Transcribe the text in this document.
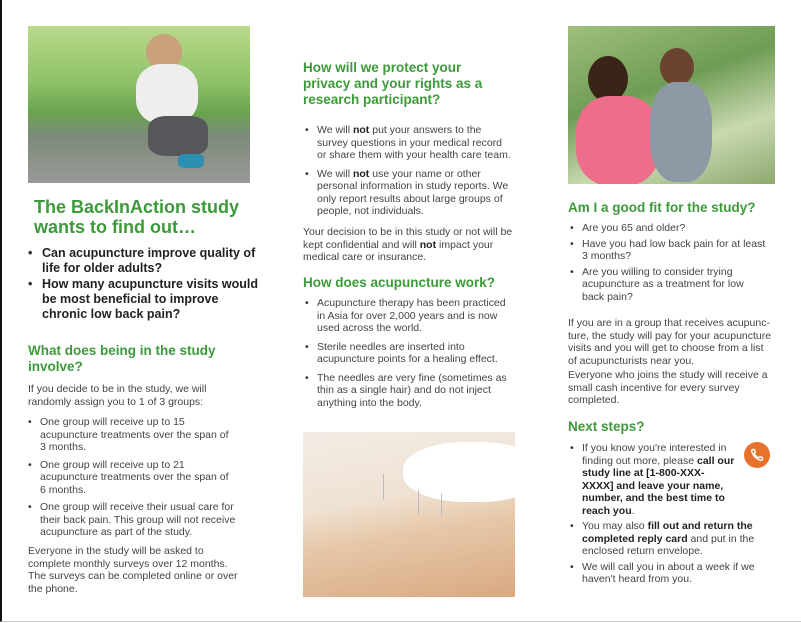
The BackInAction study wants to find out…
• Can acupuncture improve quality of life for older adults?
• How many acupuncture visits would be most beneficial to improve chronic low back pain?
What does being in the study involve?

If you decide to be in the study, we will randomly assign you to 1 of 3 groups:

• One group will receive up to 15 acupuncture treatments over the span of 3 months.
• One group will receive up to 21 acupuncture treatments over the span of 6 months.
• One group will receive their usual care for their back pain. This group will not receive acupuncture as part of the study.

Everyone in the study will be asked to complete monthly surveys over 12 months. The surveys can be completed online or over the phone.

How will we protect your privacy and your rights as a research participant?
• We will not put your answers to the survey questions in your medical record or share them with your health care team.
• We will not use your name or other personal information in study reports. We only report results about large groups of people, not individuals.

Your decision to be in this study or not will be kept confidential and will not impact your medical care or insurance.

How does acupuncture work?
• Acupuncture therapy has been practiced in Asia for over 2,000 years and is now used across the world.
• Sterile needles are inserted into acupuncture points for a healing effect.
• The needles are very fine (sometimes as thin as a single hair) and do not inject anything into the body.
Am I a good fit for the study?
• Are you 65 and older?
• Have you had low back pain for at least 3 months?
• Are you willing to consider trying acupuncture as a treatment for low back pain?

If you are in a group that receives acupunc-ture, the study will pay for your acupuncture visits and you will get to choose from a list of acupuncturists near you.

Everyone who joins the study will receive a small cash incentive for every survey completed.

Next steps?
• If you know you're interested in finding out more, please call our study line at [1-800-XXX-XXXX] and leave your name, number, and the best time to reach you.
• You may also fill out and return the completed reply card and put in the enclosed return envelope.
• We will call you in about a week if we haven't heard from you.
